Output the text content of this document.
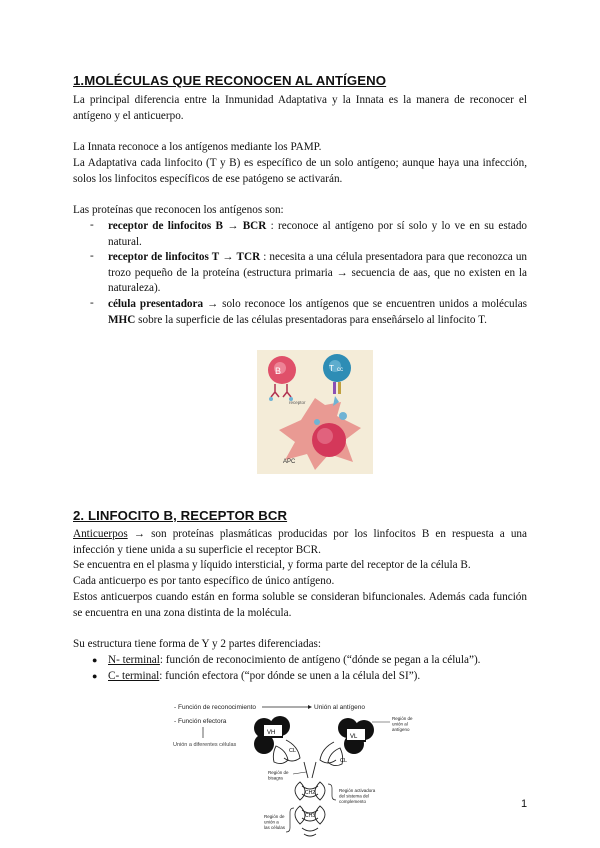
1.MOLÉCULAS QUE RECONOCEN AL ANTÍGENO
La principal diferencia entre la Inmunidad Adaptativa y la Innata es la manera de reconocer el antígeno y el anticuerpo.
La Innata reconoce a los antígenos mediante los PAMP.
La Adaptativa cada linfocito (T y B) es específico de un solo antígeno; aunque haya una infección, solos los linfocitos específicos de ese patógeno se activarán.
Las proteínas que reconocen los antígenos son:
- receptor de linfocitos B → BCR : reconoce al antígeno por sí solo y lo ve en su estado natural.
- receptor de linfocitos T → TCR : necesita a una célula presentadora para que reconozca un trozo pequeño de la proteína (estructura primaria → secuencia de aas, que no existen en la naturaleza).
- célula presentadora → solo reconoce los antígenos que se encuentren unidos a moléculas MHC sobre la superficie de las células presentadoras para enseñárselo al linfocito T.
B	T cc
receptor
APC
2. LINFOCITO B, RECEPTOR BCR
Anticuerpos → son proteínas plasmáticas producidas por los linfocitos B en respuesta a una infección y tiene unida a su superficie el receptor BCR.
Se encuentra en el plasma y líquido intersticial, y forma parte del receptor de la célula B.
Cada anticuerpo es por tanto específico de único antígeno.
Estos anticuerpos cuando están en forma soluble se consideran bifuncionales. Además cada función se encuentra en una zona distinta de la molécula.
Su estructura tiene forma de Y y 2 partes diferenciadas:
● N- terminal: función de reconocimiento de antígeno (“dónde se pegan a la célula”).
● C- terminal: función efectora (“por dónde se unen a la célula del SI”).
- Función de reconocimiento	Unión al antígeno
- Función efectora
Unión a diferentes células
VH
CL
VL
CL
Región de unión al antígeno
Región de bisagra
CH2
CH3
Región activadora del sistema del complemento
Región de unión a las células
1
